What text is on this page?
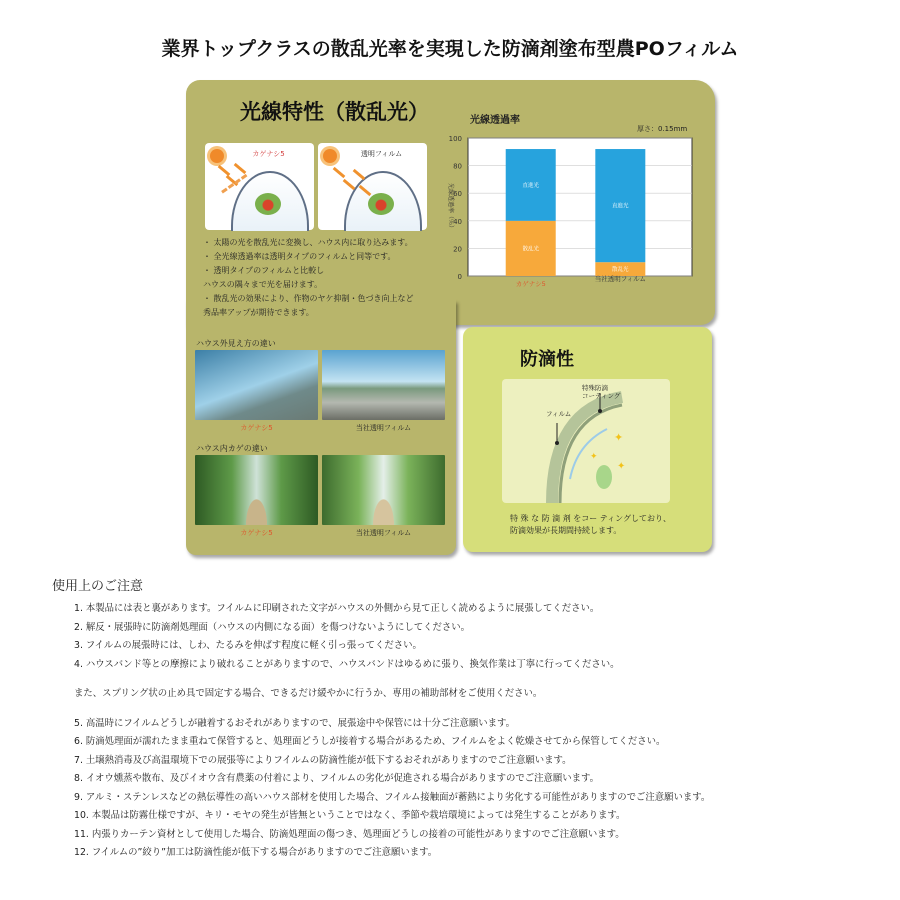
業界トップクラスの散乱光率を実現した防滴剤塗布型農POフィルム
光線特性（散乱光）
カゲナシ5	透明フィルム
・ 太陽の光を散乱光に変換し、ハウス内に取り込みます。
・ 全光線透過率は透明タイプのフィルムと同等です。
・ 透明タイプのフィルムと比較し
ハウスの隅々まで光を届けます。
・ 散乱光の効果により、作物のヤケ抑制・色づき向上など
秀品率アップが期待できます。
光線透過率
厚さ：0.15mm
0
20
40
60
80
100
光線透過率（％）
散乱光
直進光
カゲナシ5
散乱光
直進光
当社透明フィルム
ハウス外見え方の違い
カゲナシ5	当社透明フィルム
ハウス内カゲの違い
カゲナシ5	当社透明フィルム
防滴性
✦
✦
✦
特殊防滴
コーティング
フィルム
特 殊 な 防 滴 剤 をコー ティングしており、
防滴効果が長期間持続します。
使用上のご注意
1. 本製品には表と裏があります。フイルムに印刷された文字がハウスの外側から見て正しく読めるように展張してください。
2. 解反・展張時に防滴剤処理面（ハウスの内側になる面）を傷つけないようにしてください。
3. フイルムの展張時には、しわ、たるみを伸ばす程度に軽く引っ張ってください。
4. ハウスバンド等との摩擦により破れることがありますので、ハウスバンドはゆるめに張り、換気作業は丁寧に行ってください。
また、スプリング状の止め具で固定する場合、できるだけ緩やかに行うか、専用の補助部材をご使用ください。
5. 高温時にフイルムどうしが融着するおそれがありますので、展張途中や保管には十分ご注意願います。
6. 防滴処理面が濡れたまま重ねて保管すると、処理面どうしが接着する場合があるため、フイルムをよく乾燥させてから保管してください。
7. 土壌熱消毒及び高温環境下での展張等によりフイルムの防滴性能が低下するおそれがありますのでご注意願います。
8. イオウ燻蒸や散布、及びイオウ含有農薬の付着により、フイルムの劣化が促進される場合がありますのでご注意願います。
9. アルミ・ステンレスなどの熱伝導性の高いハウス部材を使用した場合、フイルム接触面が蓄熱により劣化する可能性がありますのでご注意願います。
10. 本製品は防霧仕様ですが、キリ・モヤの発生が皆無ということではなく、季節や栽培環境によっては発生することがあります。
11. 内張りカーテン資材として使用した場合、防滴処理面の傷つき、処理面どうしの接着の可能性がありますのでご注意願います。
12. フイルムの”絞り”加工は防滴性能が低下する場合がありますのでご注意願います。
